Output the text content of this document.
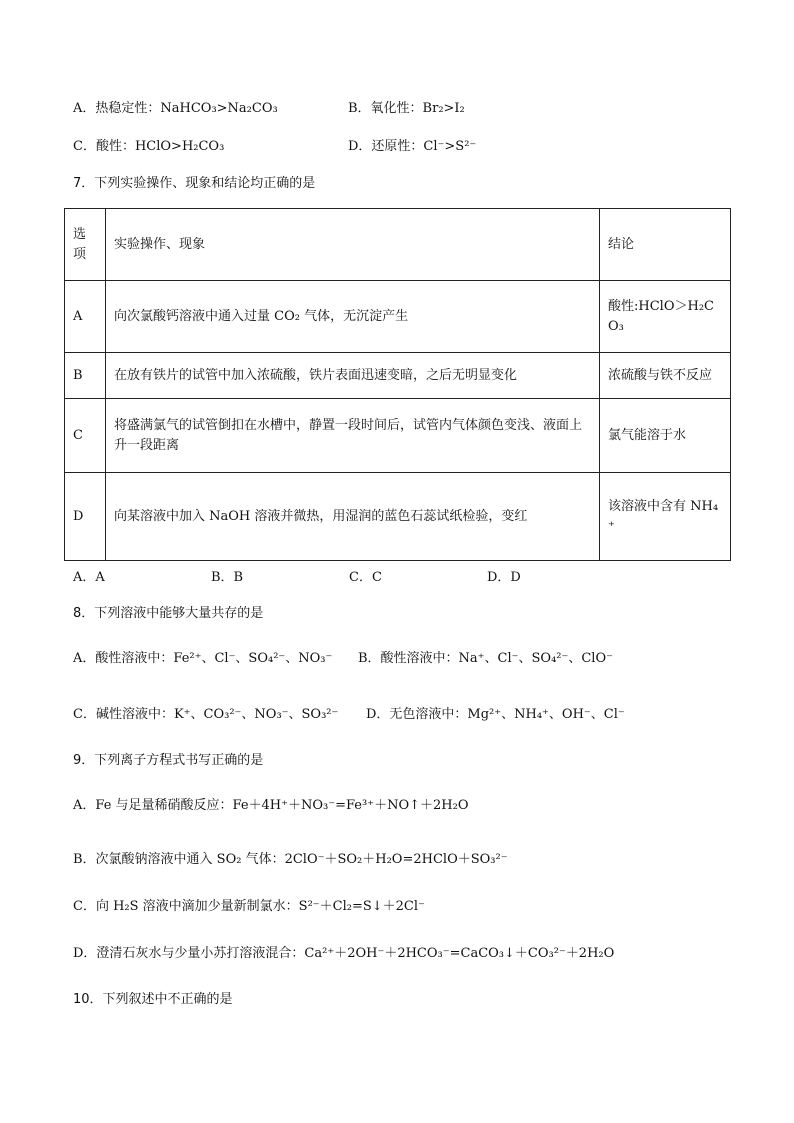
A．热稳定性：NaHCO₃>Na₂CO₃	B．氧化性：Br₂>I₂
C．酸性：HClO>H₂CO₃	D．还原性：Cl⁻>S²⁻
7．下列实验操作、现象和结论均正确的是
选项	实验操作、现象	结论
A	向次氯酸钙溶液中通入过量 CO₂ 气体，无沉淀产生	酸性:HClO＞H₂CO₃
B	在放有铁片的试管中加入浓硫酸，铁片表面迅速变暗，之后无明显变化	浓硫酸与铁不反应
C	将盛满氯气的试管倒扣在水槽中，静置一段时间后，试管内气体颜色变浅、液面上升一段距离	氯气能溶于水
D	向某溶液中加入 NaOH 溶液并微热，用湿润的蓝色石蕊试纸检验，变红	该溶液中含有 NH₄⁺
A．A	B．B	C．C	D．D
8．下列溶液中能够大量共存的是
A．酸性溶液中：Fe²⁺、Cl⁻、SO₄²⁻、NO₃⁻ B．酸性溶液中：Na⁺、Cl⁻、SO₄²⁻、ClO⁻
C．碱性溶液中：K⁺、CO₃²⁻、NO₃⁻、SO₃²⁻ D．无色溶液中：Mg²⁺、NH₄⁺、OH⁻、Cl⁻
9．下列离子方程式书写正确的是
A．Fe 与足量稀硝酸反应：Fe＋4H⁺＋NO₃⁻=Fe³⁺＋NO↑＋2H₂O
B．次氯酸钠溶液中通入 SO₂ 气体：2ClO⁻＋SO₂＋H₂O=2HClO＋SO₃²⁻
C．向 H₂S 溶液中滴加少量新制氯水：S²⁻＋Cl₂=S↓＋2Cl⁻
D．澄清石灰水与少量小苏打溶液混合：Ca²⁺＋2OH⁻＋2HCO₃⁻=CaCO₃↓＋CO₃²⁻＋2H₂O
10．下列叙述中不正确的是
